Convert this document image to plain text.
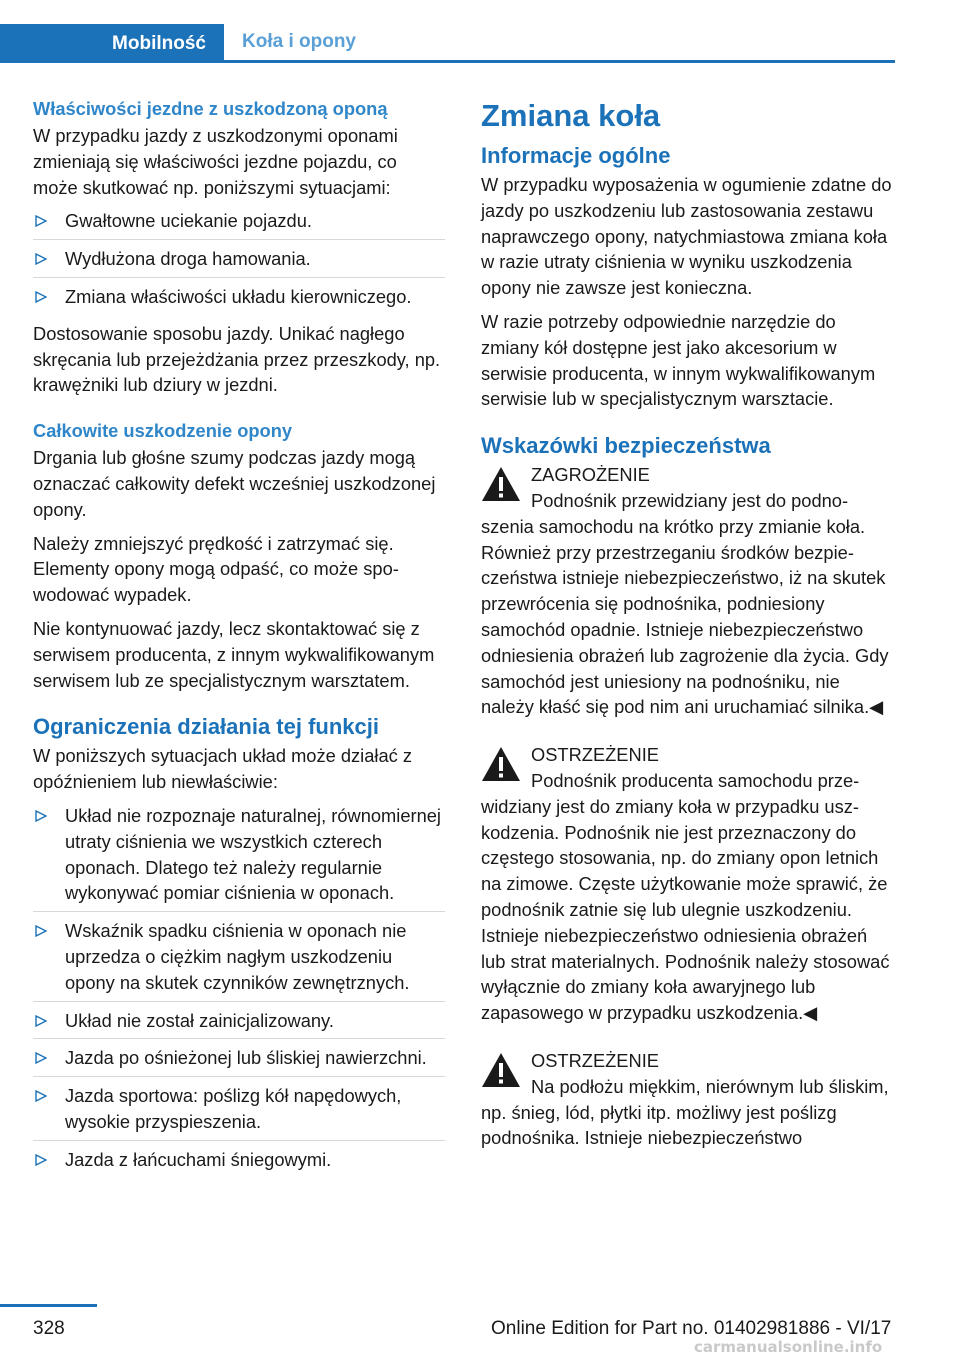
Mobilność	Koła i opony
Właściwości jezdne z uszkodzoną oponą

W przypadku jazdy z uszkodzonymi oponami zmieniają się właściwości jezdne pojazdu, co może skutkować np. poniższymi sytuacjami:

Gwałtowne uciekanie pojazdu.
Wydłużona droga hamowania.
Zmiana właściwości układu kierowniczego.

Dostosowanie sposobu jazdy. Unikać nagłego skręcania lub przejeżdżania przez przeszkody, np. krawężniki lub dziury w jezdni.

Całkowite uszkodzenie opony

Drgania lub głośne szumy podczas jazdy mogą oznaczać całkowity defekt wcześniej uszkodzonej opony.

Należy zmniejszyć prędkość i zatrzymać się. Elementy opony mogą odpaść, co może spowodować wypadek.

Nie kontynuować jazdy, lecz skontaktować się z serwisem producenta, z innym wykwalifikowanym serwisem lub ze specjalistycznym warsztatem.

Ograniczenia działania tej funkcji

W poniższych sytuacjach układ może działać z opóźnieniem lub niewłaściwie:

Układ nie rozpoznaje naturalnej, równomiernej utraty ciśnienia we wszystkich czterech oponach. Dlatego też należy regularnie wykonywać pomiar ciśnienia w oponach.
Wskaźnik spadku ciśnienia w oponach nie uprzedza o ciężkim nagłym uszkodzeniu opony na skutek czynników zewnętrznych.
Układ nie został zainicjalizowany.
Jazda po ośnieżonej lub śliskiej nawierzchni.
Jazda sportowa: poślizg kół napędowych, wysokie przyspieszenia.
Jazda z łańcuchami śniegowymi.
Zmiana koła
Informacje ogólne

W przypadku wyposażenia w ogumienie zdatne do jazdy po uszkodzeniu lub zastosowania zestawu naprawczego opony, natychmiastowa zmiana koła w razie utraty ciśnienia w wyniku uszkodzenia opony nie zawsze jest konieczna.

W razie potrzeby odpowiednie narzędzie do zmiany kół dostępne jest jako akcesorium w serwisie producenta, w innym wykwalifikowanym serwisie lub w specjalistycznym warsztacie.

Wskazówki bezpieczeństwa
ZAGROŻENIE
Podnośnik przewidziany jest do podnoszenia samochodu na krótko przy zmianie koła. Również przy przestrzeganiu środków bezpieczeństwa istnieje niebezpieczeństwo, iż na skutek przewrócenia się podnośnika, podniesiony samochód opadnie. Istnieje niebezpieczeństwo odniesienia obrażeń lub zagrożenie dla życia. Gdy samochód jest uniesiony na podnośniku, nie należy kłaść się pod nim ani uruchamiać silnika.◀
OSTRZEŻENIE
Podnośnik producenta samochodu przewidziany jest do zmiany koła w przypadku uszkodzenia. Podnośnik nie jest przeznaczony do częstego stosowania, np. do zmiany opon letnich na zimowe. Częste użytkowanie może sprawić, że podnośnik zatnie się lub ulegnie uszkodzeniu. Istnieje niebezpieczeństwo odniesienia obrażeń lub strat materialnych. Podnośnik należy stosować wyłącznie do zmiany koła awaryjnego lub zapasowego w przypadku uszkodzenia.◀
OSTRZEŻENIE
Na podłożu miękkim, nierównym lub śliskim, np. śnieg, lód, płytki itp. możliwy jest poślizg podnośnika. Istnieje niebezpieczeństwo
328	Online Edition for Part no. 01402981886 - VI/17
carmanualsonline.info
